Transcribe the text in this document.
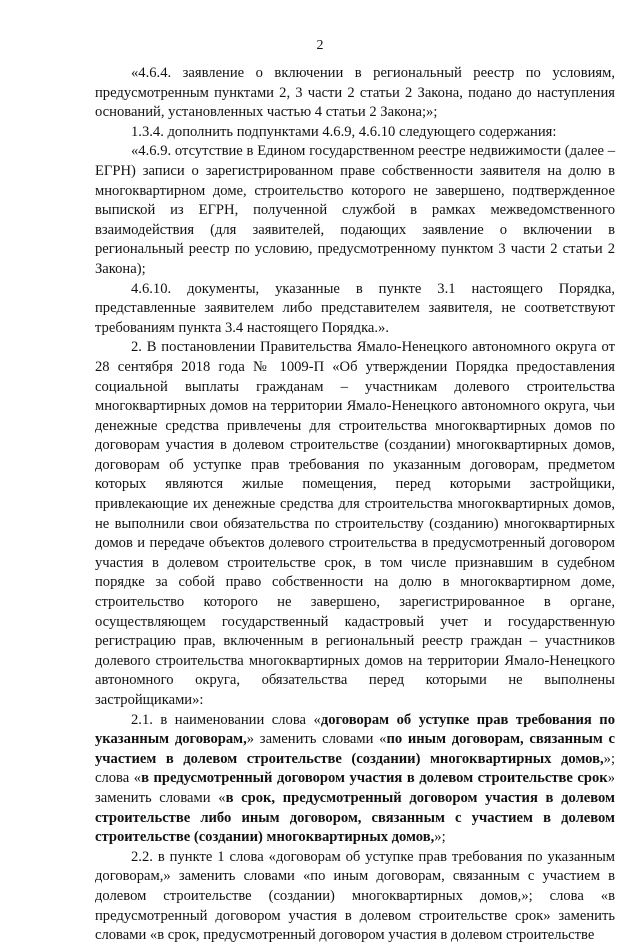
2

«4.6.4. заявление о включении в региональный реестр по условиям, предусмотренным пунктами 2, 3 части 2 статьи 2 Закона, подано до наступления оснований, установленных частью 4 статьи 2 Закона;»;

1.3.4. дополнить подпунктами 4.6.9, 4.6.10 следующего содержания:

«4.6.9. отсутствие в Едином государственном реестре недвижимости (далее – ЕГРН) записи о зарегистрированном праве собственности заявителя на долю в многоквартирном доме, строительство которого не завершено, подтвержденное выпиской из ЕГРН, полученной службой в рамках межведомственного взаимодействия (для заявителей, подающих заявление о включении в региональный реестр по условию, предусмотренному пунктом 3 части 2 статьи 2 Закона);

4.6.10. документы, указанные в пункте 3.1 настоящего Порядка, представленные заявителем либо представителем заявителя, не соответствуют требованиям пункта 3.4 настоящего Порядка.».

2. В постановлении Правительства Ямало-Ненецкого автономного округа от 28 сентября 2018 года № 1009-П «Об утверждении Порядка предоставления социальной выплаты гражданам – участникам долевого строительства многоквартирных домов на территории Ямало-Ненецкого автономного округа, чьи денежные средства привлечены для строительства многоквартирных домов по договорам участия в долевом строительстве (создании) многоквартирных домов, договорам об уступке прав требования по указанным договорам, предметом которых являются жилые помещения, перед которыми застройщики, привлекающие их денежные средства для строительства многоквартирных домов, не выполнили свои обязательства по строительству (созданию) многоквартирных домов и передаче объектов долевого строительства в предусмотренный договором участия в долевом строительстве срок, в том числе признавшим в судебном порядке за собой право собственности на долю в многоквартирном доме, строительство которого не завершено, зарегистрированное в органе, осуществляющем государственный кадастровый учет и государственную регистрацию прав, включенным в региональный реестр граждан – участников долевого строительства многоквартирных домов на территории Ямало-Ненецкого автономного округа, обязательства перед которыми не выполнены застройщиками»:

2.1. в наименовании слова «договорам об уступке прав требования по указанным договорам,» заменить словами «по иным договорам, связанным с участием в долевом строительстве (создании) многоквартирных домов,»; слова «в предусмотренный договором участия в долевом строительстве срок» заменить словами «в срок, предусмотренный договором участия в долевом строительстве либо иным договором, связанным с участием в долевом строительстве (создании) многоквартирных домов,»;

2.2. в пункте 1 слова «договорам об уступке прав требования по указанным договорам,» заменить словами «по иным договорам, связанным с участием в долевом строительстве (создании) многоквартирных домов,»; слова «в предусмотренный договором участия в долевом строительстве срок» заменить словами «в срок, предусмотренный договором участия в долевом строительстве
